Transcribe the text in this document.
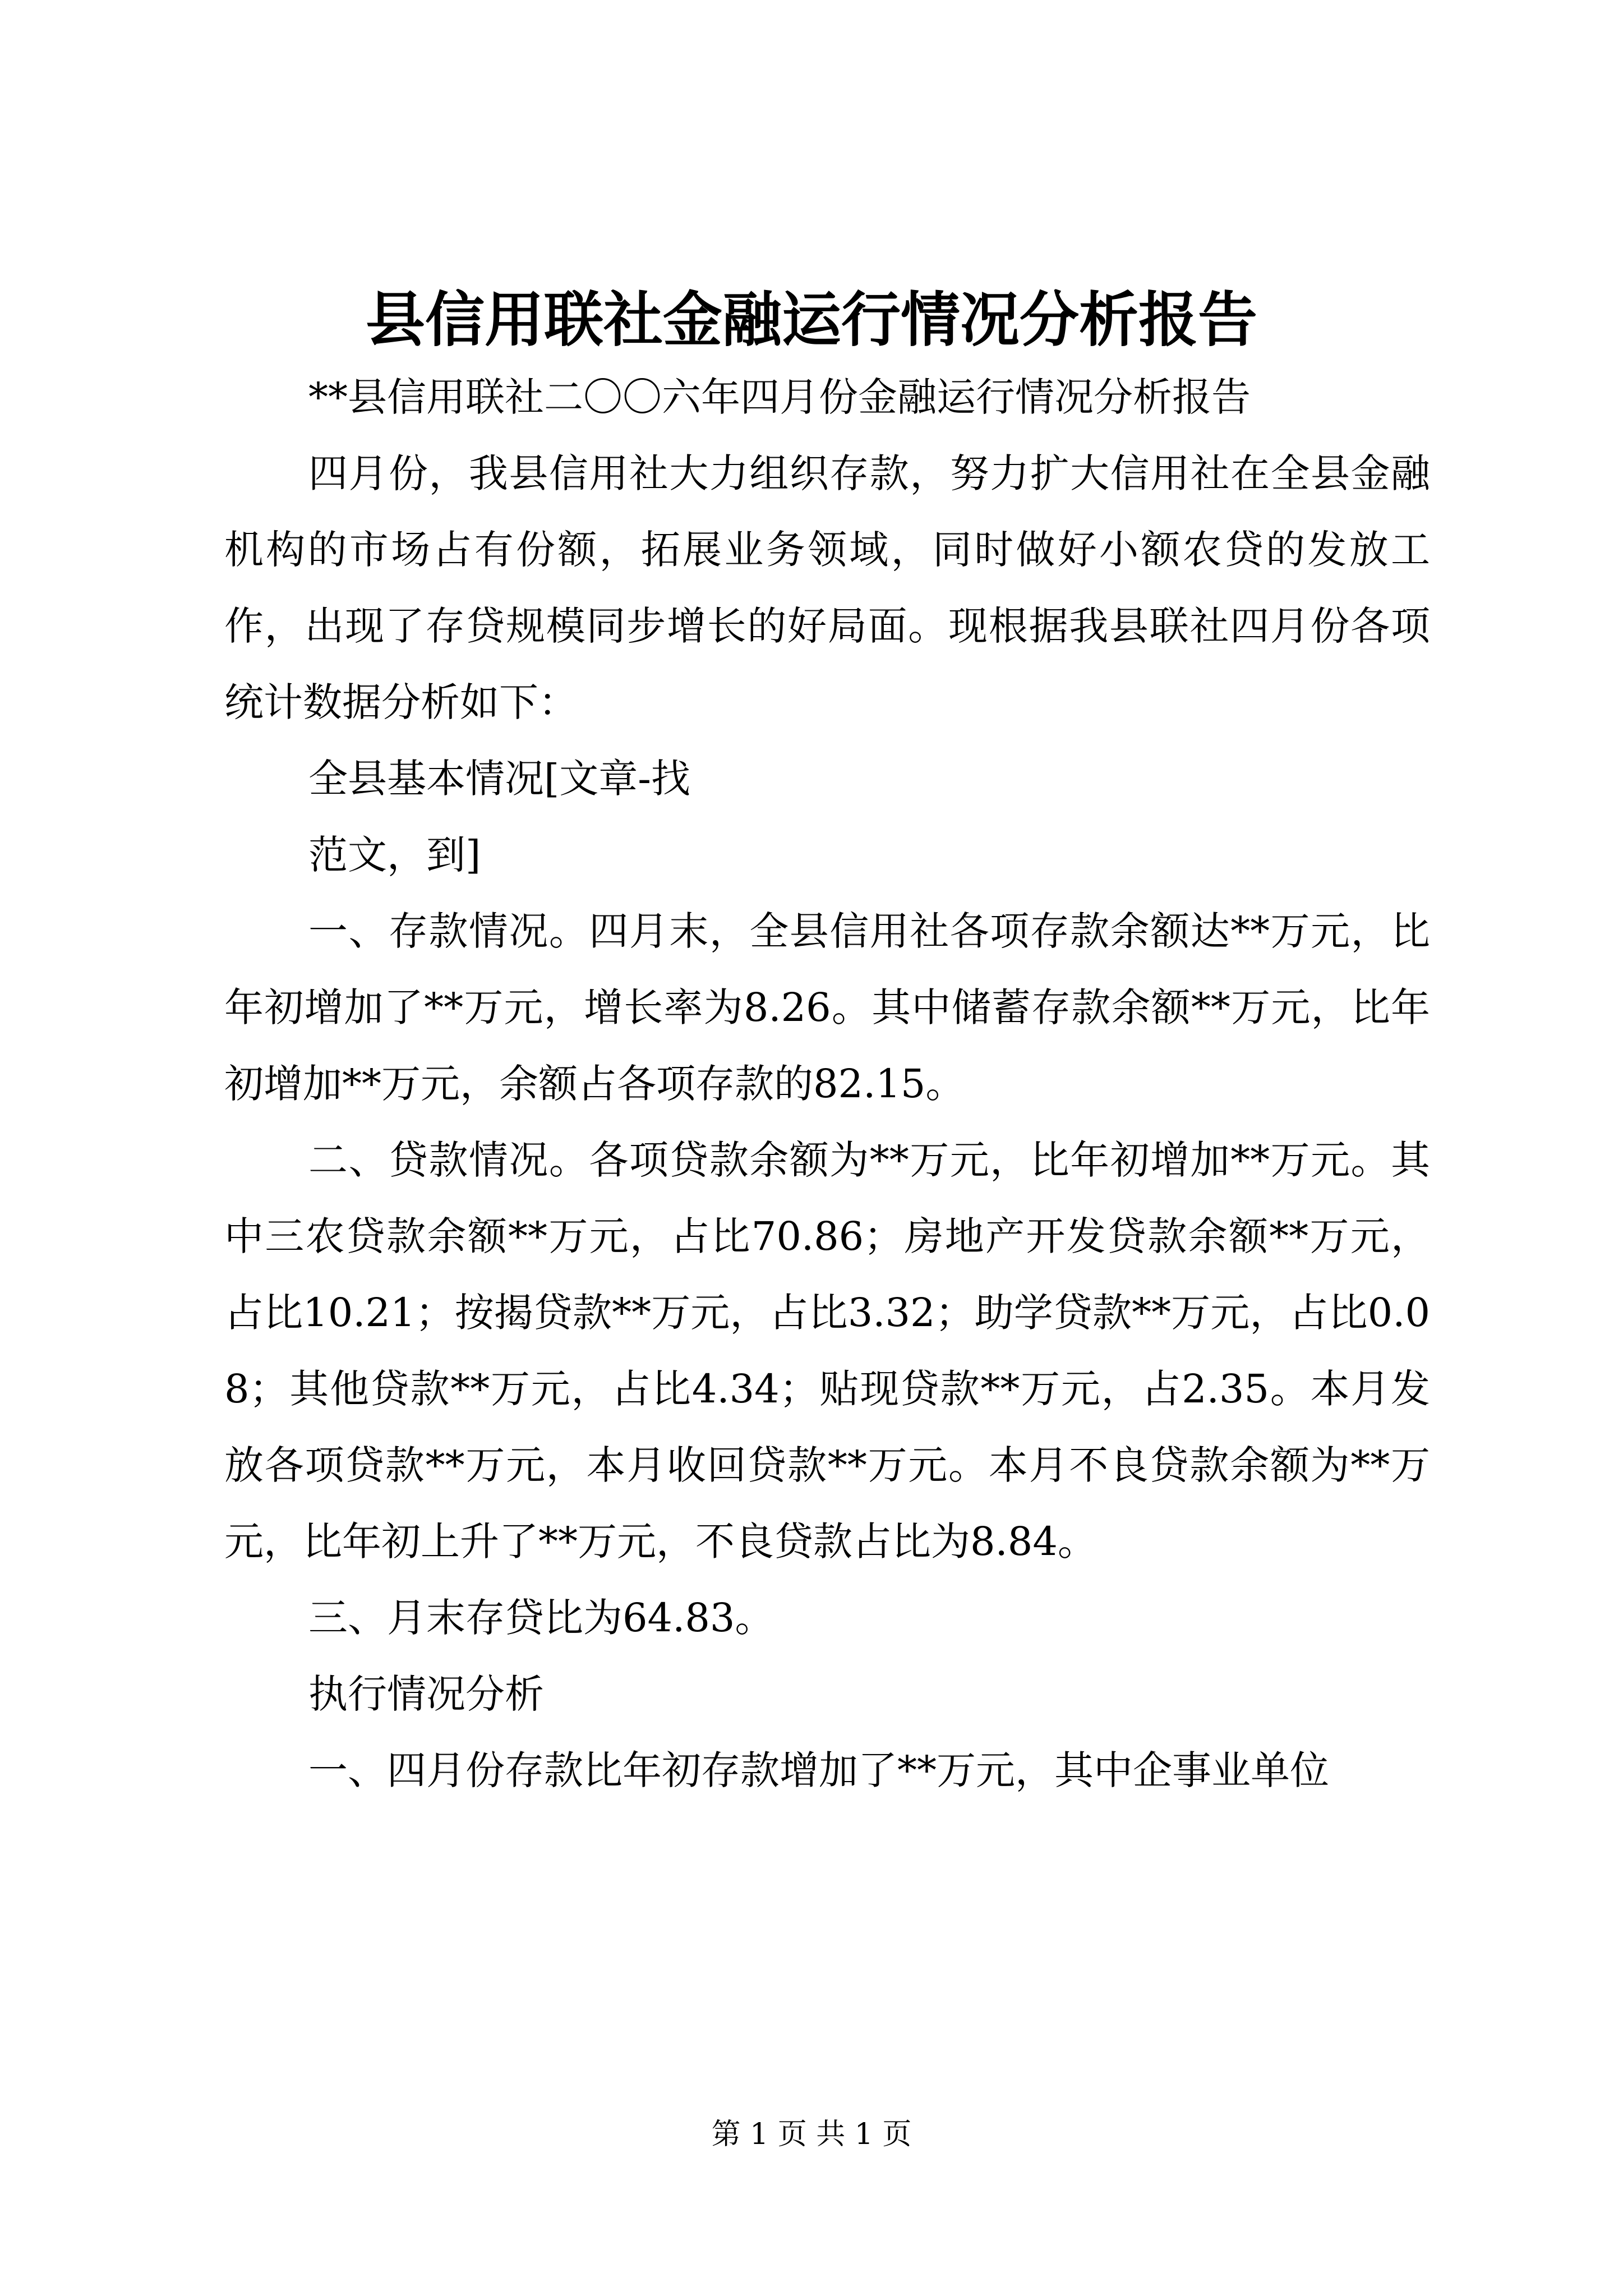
县信用联社金融运行情况分析报告

**县信用联社二〇〇六年四月份金融运行情况分析报告

四月份，我县信用社大力组织存款，努力扩大信用社在全县金融机构的市场占有份额，拓展业务领域，同时做好小额农贷的发放工作，出现了存贷规模同步增长的好局面。现根据我县联社四月份各项统计数据分析如下：

全县基本情况[文章-找

范文，到]

一、存款情况。四月末，全县信用社各项存款余额达**万元，比年初增加了**万元，增长率为8.26。其中储蓄存款余额**万元，比年初增加**万元，余额占各项存款的82.15。

二、贷款情况。各项贷款余额为**万元，比年初增加**万元。其中三农贷款余额**万元，占比70.86；房地产开发贷款余额**万元，占比10.21；按揭贷款**万元，占比3.32；助学贷款**万元，占比0.08；其他贷款**万元，占比4.34；贴现贷款**万元，占2.35。本月发放各项贷款**万元，本月收回贷款**万元。本月不良贷款余额为**万元，比年初上升了**万元，不良贷款占比为8.84。

三、月末存贷比为64.83。

执行情况分析

一、四月份存款比年初存款增加了**万元，其中企事业单位

第 1 页 共 1 页
